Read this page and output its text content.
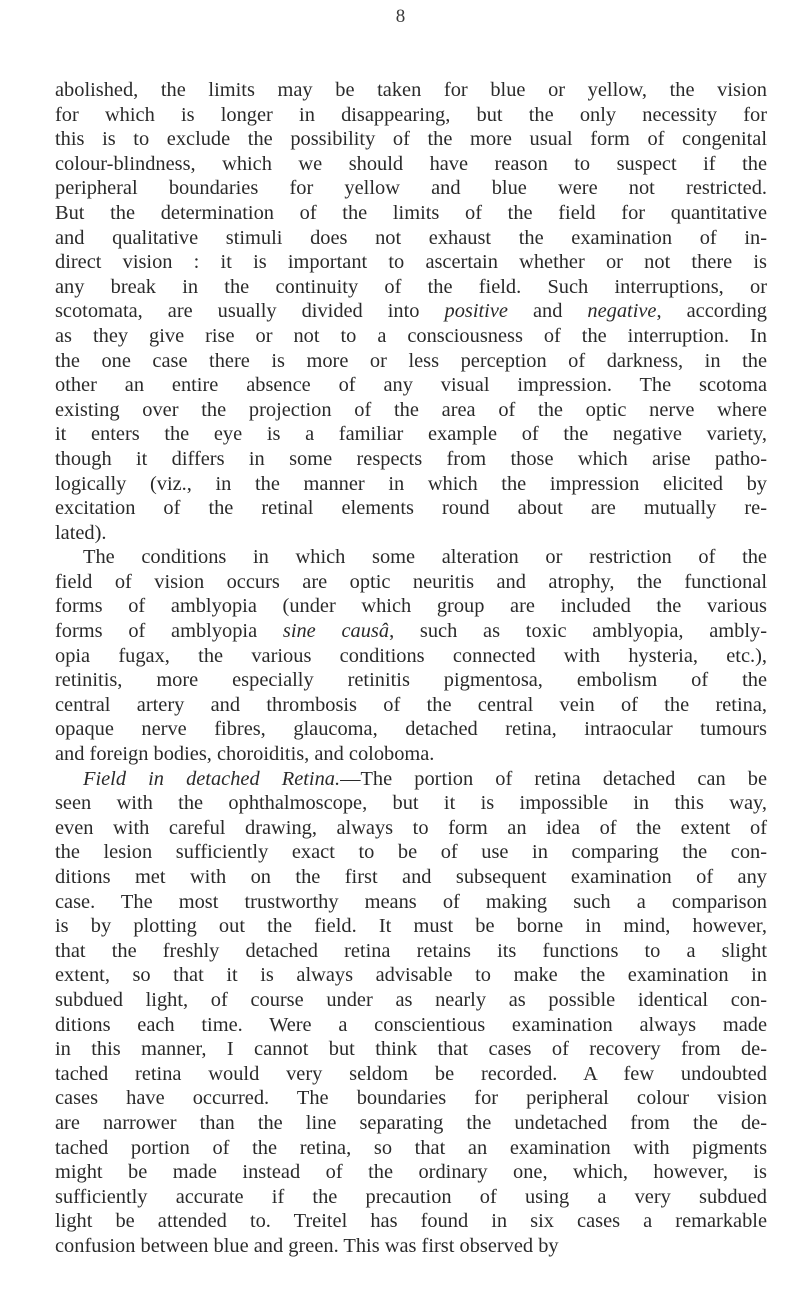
8
abolished, the limits may be taken for blue or yellow, the vision
for which is longer in disappearing, but the only necessity for
this is to exclude the possibility of the more usual form of congenital
colour-blindness, which we should have reason to suspect if the
peripheral boundaries for yellow and blue were not restricted.
But the determination of the limits of the field for quantitative
and qualitative stimuli does not exhaust the examination of in-
direct vision : it is important to ascertain whether or not there is
any break in the continuity of the field. Such interruptions, or
scotomata, are usually divided into positive and negative, according
as they give rise or not to a consciousness of the interruption. In
the one case there is more or less perception of darkness, in the
other an entire absence of any visual impression. The scotoma
existing over the projection of the area of the optic nerve where
it enters the eye is a familiar example of the negative variety,
though it differs in some respects from those which arise patho-
logically (viz., in the manner in which the impression elicited by
excitation of the retinal elements round about are mutually re-
lated).
The conditions in which some alteration or restriction of the
field of vision occurs are optic neuritis and atrophy, the functional
forms of amblyopia (under which group are included the various
forms of amblyopia sine causâ, such as toxic amblyopia, ambly-
opia fugax, the various conditions connected with hysteria, etc.),
retinitis, more especially retinitis pigmentosa, embolism of the
central artery and thrombosis of the central vein of the retina,
opaque nerve fibres, glaucoma, detached retina, intraocular tumours
and foreign bodies, choroiditis, and coloboma.
Field in detached Retina.—The portion of retina detached can be
seen with the ophthalmoscope, but it is impossible in this way,
even with careful drawing, always to form an idea of the extent of
the lesion sufficiently exact to be of use in comparing the con-
ditions met with on the first and subsequent examination of any
case. The most trustworthy means of making such a comparison
is by plotting out the field. It must be borne in mind, however,
that the freshly detached retina retains its functions to a slight
extent, so that it is always advisable to make the examination in
subdued light, of course under as nearly as possible identical con-
ditions each time. Were a conscientious examination always made
in this manner, I cannot but think that cases of recovery from de-
tached retina would very seldom be recorded. A few undoubted
cases have occurred. The boundaries for peripheral colour vision
are narrower than the line separating the undetached from the de-
tached portion of the retina, so that an examination with pigments
might be made instead of the ordinary one, which, however, is
sufficiently accurate if the precaution of using a very subdued
light be attended to. Treitel has found in six cases a remarkable
confusion between blue and green. This was first observed by
